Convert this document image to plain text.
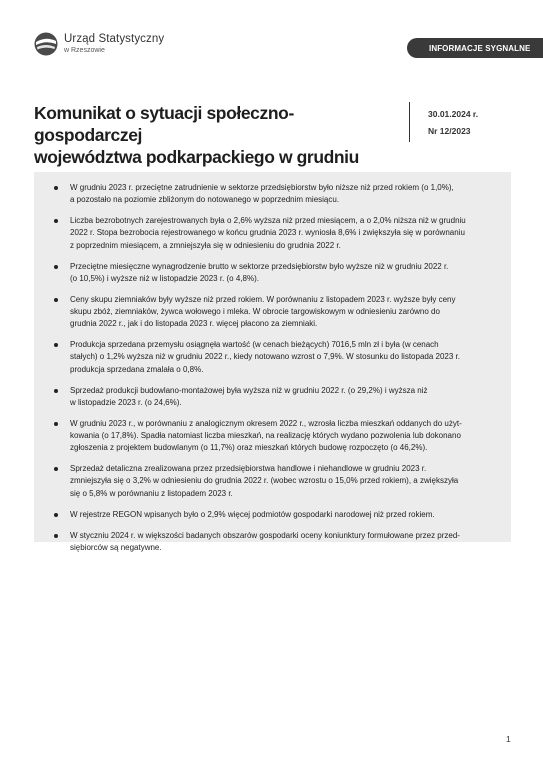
Urząd Statystyczny
w Rzeszowie	INFORMACJE SYGNALNE
Komunikat o sytuacji społeczno-gospodarczej
województwa podkarpackiego w grudniu
30.01.2024 r.
Nr 12/2023
W grudniu 2023 r. przeciętne zatrudnienie w sektorze przedsiębiorstw było niższe niż przed rokiem (o 1,0%),
a pozostało na poziomie zbliżonym do notowanego w poprzednim miesiącu.
Liczba bezrobotnych zarejestrowanych była o 2,6% wyższa niż przed miesiącem, a o 2,0% niższa niż w grudniu
2022 r. Stopa bezrobocia rejestrowanego w końcu grudnia 2023 r. wyniosła 8,6% i zwiększyła się w porównaniu
z poprzednim miesiącem, a zmniejszyła się w odniesieniu do grudnia 2022 r.
Przeciętne miesięczne wynagrodzenie brutto w sektorze przedsiębiorstw było wyższe niż w grudniu 2022 r.
(o 10,5%) i wyższe niż w listopadzie 2023 r. (o 4,8%).
Ceny skupu ziemniaków były wyższe niż przed rokiem. W porównaniu z listopadem 2023 r. wyższe były ceny
skupu zbóż, ziemniaków, żywca wołowego i mleka. W obrocie targowiskowym w odniesieniu zarówno do
grudnia 2022 r., jak i do listopada 2023 r. więcej płacono za ziemniaki.
Produkcja sprzedana przemysłu osiągnęła wartość (w cenach bieżących) 7016,5 mln zł i była (w cenach
stałych) o 1,2% wyższa niż w grudniu 2022 r., kiedy notowano wzrost o 7,9%. W stosunku do listopada 2023 r.
produkcja sprzedana zmalała o 0,8%.
Sprzedaż produkcji budowlano-montażowej była wyższa niż w grudniu 2022 r. (o 29,2%) i wyższa niż
w listopadzie 2023 r. (o 24,6%).
W grudniu 2023 r., w porównaniu z analogicznym okresem 2022 r., wzrosła liczba mieszkań oddanych do użyt-
kowania (o 17,8%). Spadła natomiast liczba mieszkań, na realizację których wydano pozwolenia lub dokonano
zgłoszenia z projektem budowlanym (o 11,7%) oraz mieszkań których budowę rozpoczęto (o 46,2%).
Sprzedaż detaliczna zrealizowana przez przedsiębiorstwa handlowe i niehandlowe w grudniu 2023 r.
zmniejszyła się o 3,2% w odniesieniu do grudnia 2022 r. (wobec wzrostu o 15,0% przed rokiem), a zwiększyła
się o 5,8% w porównaniu z listopadem 2023 r.
W rejestrze REGON wpisanych było o 2,9% więcej podmiotów gospodarki narodowej niż przed rokiem.
W styczniu 2024 r. w większości badanych obszarów gospodarki oceny koniunktury formułowane przez przed-
siębiorców są negatywne.
1
